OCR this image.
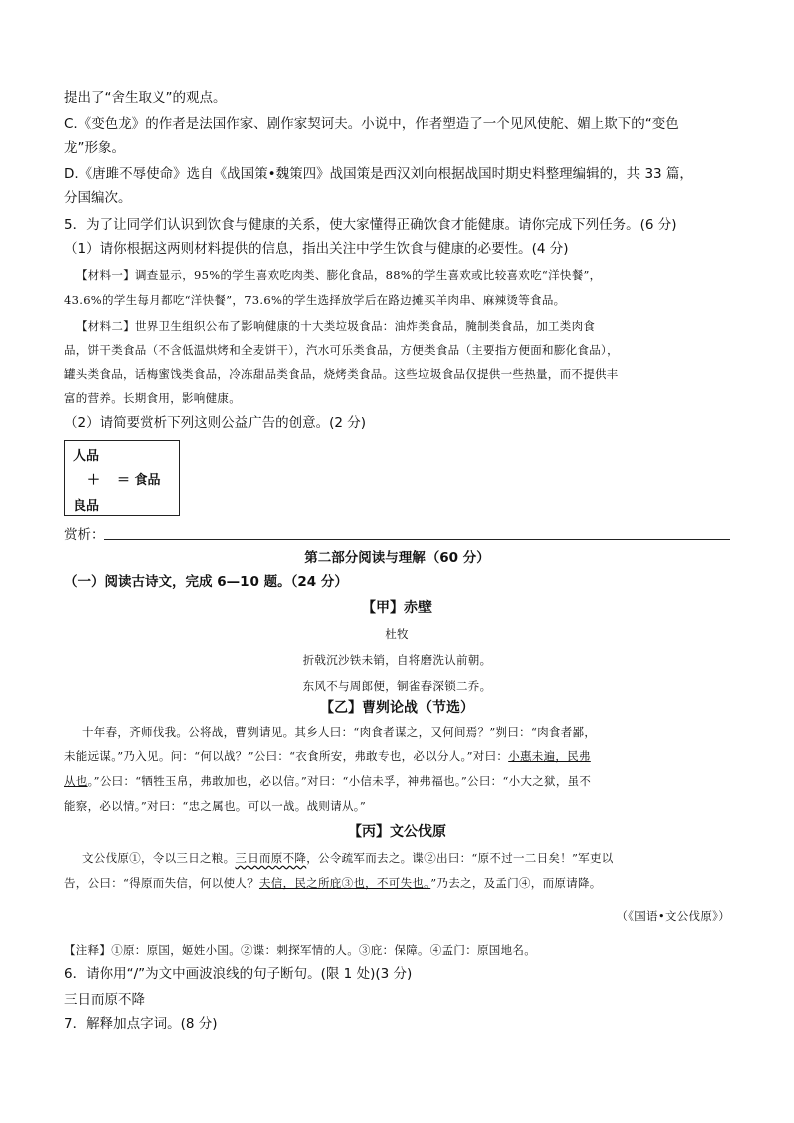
提出了“舍生取义”的观点。
C.《变色龙》的作者是法国作家、剧作家契诃夫。小说中，作者塑造了一个见风使舵、媚上欺下的“变色
龙”形象。
D.《唐雎不辱使命》选自《战国策•魏策四》战国策是西汉刘向根据战国时期史料整理编辑的，共 33 篇，
分国编次。
5．为了让同学们认识到饮食与健康的关系，使大家懂得正确饮食才能健康。请你完成下列任务。(6 分)
（1）请你根据这两则材料提供的信息，指出关注中学生饮食与健康的必要性。(4 分)
【材料一】调查显示，95%的学生喜欢吃肉类、膨化食品，88%的学生喜欢或比较喜欢吃“洋快餐”，
43.6%的学生每月都吃“洋快餐”，73.6%的学生选择放学后在路边摊买羊肉串、麻辣烫等食品。
【材料二】世界卫生组织公布了影响健康的十大类垃圾食品：油炸类食品，腌制类食品，加工类肉食
品，饼干类食品（不含低温烘烤和全麦饼干），汽水可乐类食品，方便类食品（主要指方便面和膨化食品），
罐头类食品，话梅蜜饯类食品，冷冻甜品类食品，烧烤类食品。这些垃圾食品仅提供一些热量，而不提供丰
富的营养。长期食用，影响健康。
（2）请简要赏析下列这则公益广告的创意。(2 分)
人品
＋ ＝ 食品
良品
赏析：
第二部分阅读与理解（60 分）
（一）阅读古诗文，完成 6—10 题。（24 分）
【甲】赤壁
杜牧
折戟沉沙铁未销，自将磨洗认前朝。
东风不与周郎便，铜雀春深锁二乔。
【乙】曹刿论战（节选）
十年春，齐师伐我。公将战，曹刿请见。其乡人曰：“肉食者谋之，又何间焉？”刿曰：“肉食者鄙，
未能远谋。”乃入见。问：“何以战？”公曰：“衣食所安，弗敢专也，必以分人。”对曰：小惠未遍，民弗
从也。”公曰：“牺牲玉帛，弗敢加也，必以信。”对曰：“小信未孚，神弗福也。”公曰：“小大之狱，虽不
能察，必以情。”对曰：“忠之属也。可以一战。战则请从。”
【丙】文公伐原
文公伐原①，令以三日之粮。三日而原不降，公令疏军而去之。谍②出曰：“原不过一二日矣！”军吏以
告，公曰：“得原而失信，何以使人？夫信，民之所庇③也，不可失也。”乃去之，及孟门④，而原请降。
（《国语•文公伐原》）
【注释】①原：原国，姬姓小国。②谍：刺探军情的人。③庇：保障。④孟门：原国地名。
6．请你用“/”为文中画波浪线的句子断句。(限 1 处)(3 分)
三日而原不降
7．解释加点字词。(8 分)
